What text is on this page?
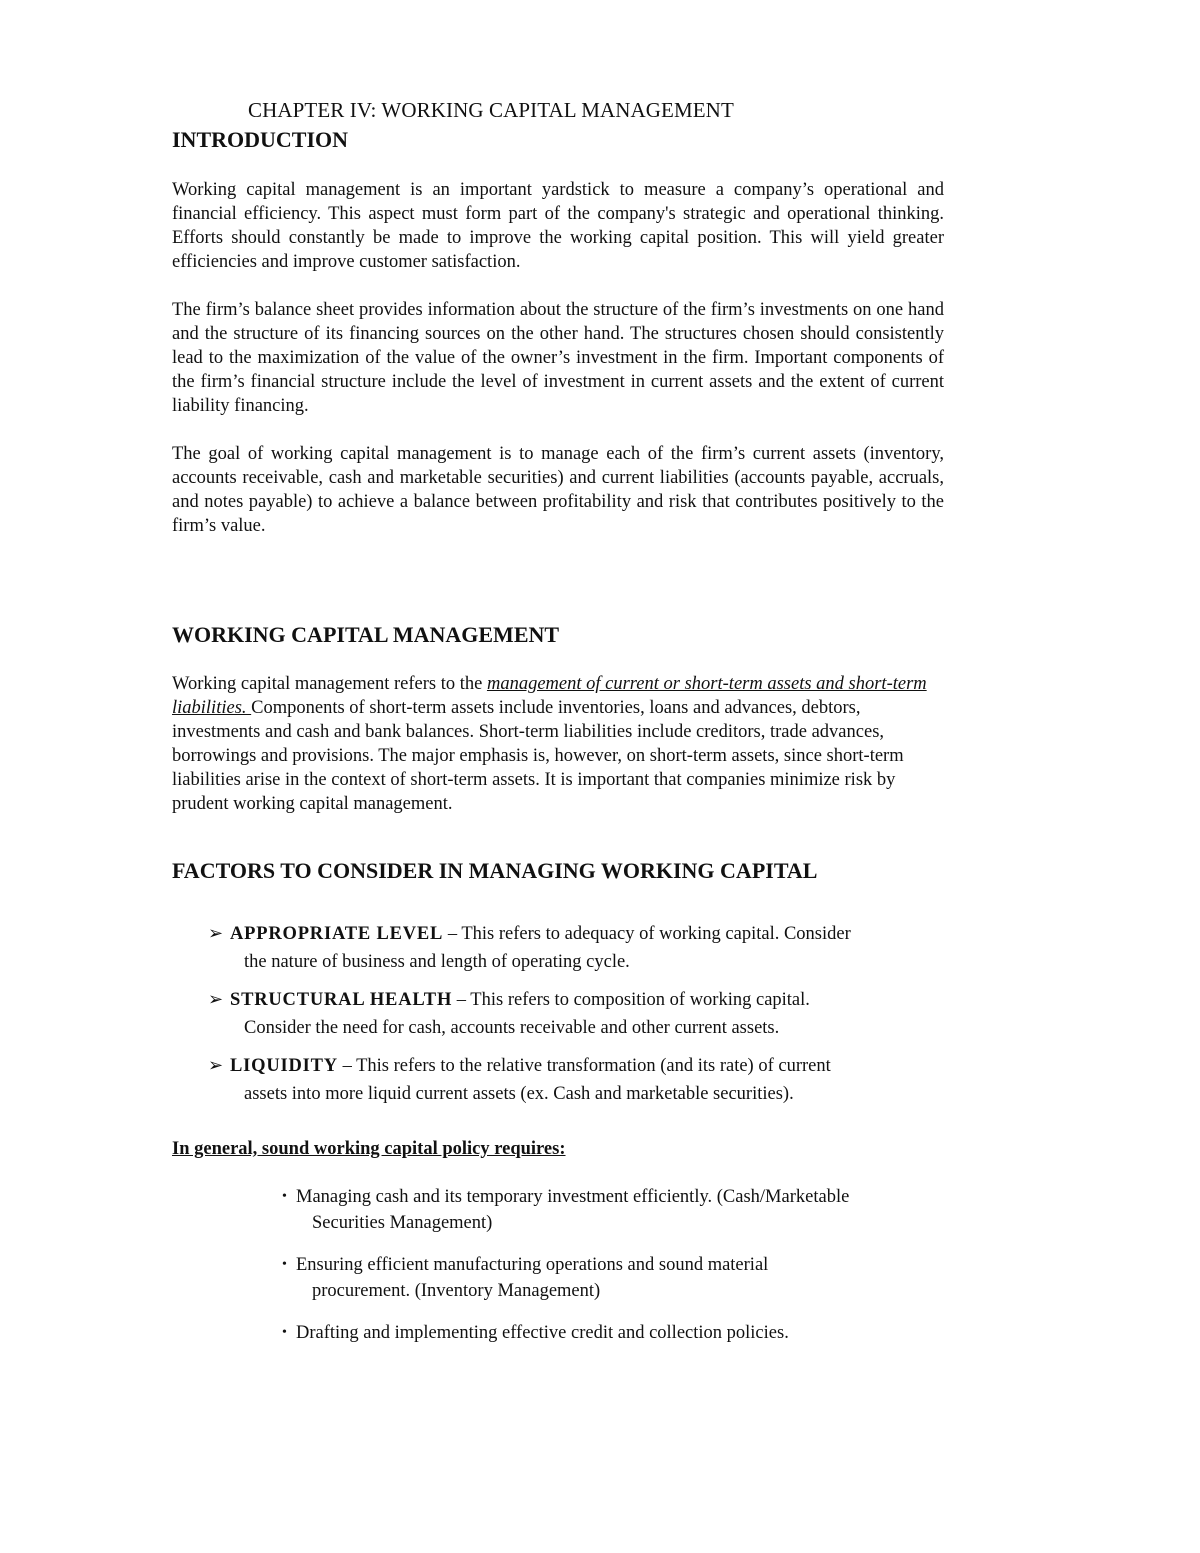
CHAPTER IV: WORKING CAPITAL MANAGEMENT
INTRODUCTION

Working capital management is an important yardstick to measure a company’s operational and financial efficiency. This aspect must form part of the company's strategic and operational thinking. Efforts should constantly be made to improve the working capital position. This will yield greater efficiencies and improve customer satisfaction.

The firm’s balance sheet provides information about the structure of the firm’s investments on one hand and the structure of its financing sources on the other hand. The structures chosen should consistently lead to the maximization of the value of the owner’s investment in the firm. Important components of the firm’s financial structure include the level of investment in current assets and the extent of current liability financing.

The goal of working capital management is to manage each of the firm’s current assets (inventory, accounts receivable, cash and marketable securities) and current liabilities (accounts payable, accruals, and notes payable) to achieve a balance between profitability and risk that contributes positively to the firm’s value.

WORKING CAPITAL MANAGEMENT

Working capital management refers to the management of current or short-term assets and short-term liabilities. Components of short-term assets include inventories, loans and advances, debtors, investments and cash and bank balances. Short-term liabilities include creditors, trade advances, borrowings and provisions. The major emphasis is, however, on short-term assets, since short-term liabilities arise in the context of short-term assets. It is important that companies minimize risk by prudent working capital management.

FACTORS TO CONSIDER IN MANAGING WORKING CAPITAL
➢ APPROPRIATE LEVEL – This refers to adequacy of working capital. Consider
the nature of business and length of operating cycle.
➢ STRUCTURAL HEALTH – This refers to composition of working capital.
Consider the need for cash, accounts receivable and other current assets.
➢ LIQUIDITY – This refers to the relative transformation (and its rate) of current
assets into more liquid current assets (ex. Cash and marketable securities).

In general, sound working capital policy requires:

• Managing cash and its temporary investment efficiently. (Cash/Marketable
Securities Management)
• Ensuring efficient manufacturing operations and sound material
procurement. (Inventory Management)
• Drafting and implementing effective credit and collection policies.
